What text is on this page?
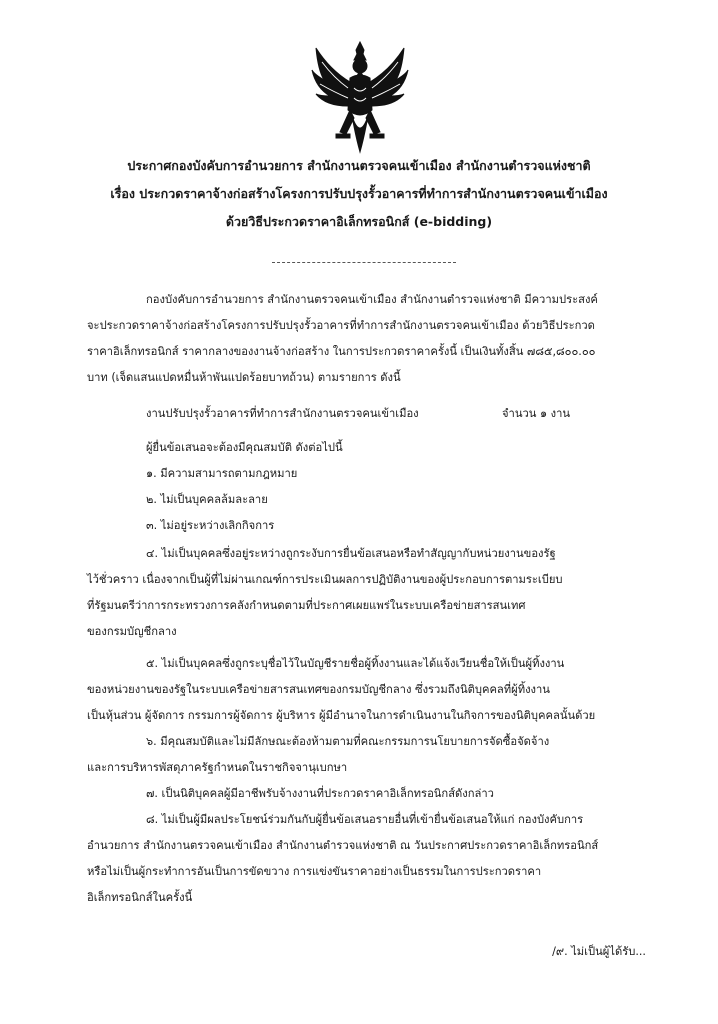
ประกาศกองบังคับการอำนวยการ สำนักงานตรวจคนเข้าเมือง สำนักงานตำรวจแห่งชาติ
เรื่อง ประกวดราคาจ้างก่อสร้างโครงการปรับปรุงรั้วอาคารที่ทำการสำนักงานตรวจคนเข้าเมือง
ด้วยวิธีประกวดราคาอิเล็กทรอนิกส์ (e-bidding)
กองบังคับการอำนวยการ สำนักงานตรวจคนเข้าเมือง สำนักงานตำรวจแห่งชาติ มีความประสงค์
จะประกวดราคาจ้างก่อสร้างโครงการปรับปรุงรั้วอาคารที่ทำการสำนักงานตรวจคนเข้าเมือง ด้วยวิธีประกวด
ราคาอิเล็กทรอนิกส์ ราคากลางของงานจ้างก่อสร้าง ในการประกวดราคาครั้งนี้ เป็นเงินทั้งสิ้น ๗๘๕,๘๐๐.๐๐
บาท (เจ็ดแสนแปดหมื่นห้าพันแปดร้อยบาทถ้วน) ตามรายการ ดังนี้
งานปรับปรุงรั้วอาคารที่ทำการสำนักงานตรวจคนเข้าเมือง	จำนวน ๑ งาน
ผู้ยื่นข้อเสนอจะต้องมีคุณสมบัติ ดังต่อไปนี้
๑. มีความสามารถตามกฎหมาย
๒. ไม่เป็นบุคคลล้มละลาย
๓. ไม่อยู่ระหว่างเลิกกิจการ
๔. ไม่เป็นบุคคลซึ่งอยู่ระหว่างถูกระงับการยื่นข้อเสนอหรือทำสัญญากับหน่วยงานของรัฐ
ไว้ชั่วคราว เนื่องจากเป็นผู้ที่ไม่ผ่านเกณฑ์การประเมินผลการปฏิบัติงานของผู้ประกอบการตามระเบียบ
ที่รัฐมนตรีว่าการกระทรวงการคลังกำหนดตามที่ประกาศเผยแพร่ในระบบเครือข่ายสารสนเทศ
ของกรมบัญชีกลาง
๕. ไม่เป็นบุคคลซึ่งถูกระบุชื่อไว้ในบัญชีรายชื่อผู้ทิ้งงานและได้แจ้งเวียนชื่อให้เป็นผู้ทิ้งงาน
ของหน่วยงานของรัฐในระบบเครือข่ายสารสนเทศของกรมบัญชีกลาง ซึ่งรวมถึงนิติบุคคลที่ผู้ทิ้งงาน
เป็นหุ้นส่วน ผู้จัดการ กรรมการผู้จัดการ ผู้บริหาร ผู้มีอำนาจในการดำเนินงานในกิจการของนิติบุคคลนั้นด้วย
๖. มีคุณสมบัติและไม่มีลักษณะต้องห้ามตามที่คณะกรรมการนโยบายการจัดซื้อจัดจ้าง
และการบริหารพัสดุภาครัฐกำหนดในราชกิจจานุเบกษา
๗. เป็นนิติบุคคลผู้มีอาชีพรับจ้างงานที่ประกวดราคาอิเล็กทรอนิกส์ดังกล่าว
๘. ไม่เป็นผู้มีผลประโยชน์ร่วมกันกับผู้ยื่นข้อเสนอรายอื่นที่เข้ายื่นข้อเสนอให้แก่ กองบังคับการ
อำนวยการ สำนักงานตรวจคนเข้าเมือง สำนักงานตำรวจแห่งชาติ ณ วันประกาศประกวดราคาอิเล็กทรอนิกส์
หรือไม่เป็นผู้กระทำการอันเป็นการขัดขวาง การแข่งขันราคาอย่างเป็นธรรมในการประกวดราคา
อิเล็กทรอนิกส์ในครั้งนี้
/๙. ไม่เป็นผู้ได้รับ...
